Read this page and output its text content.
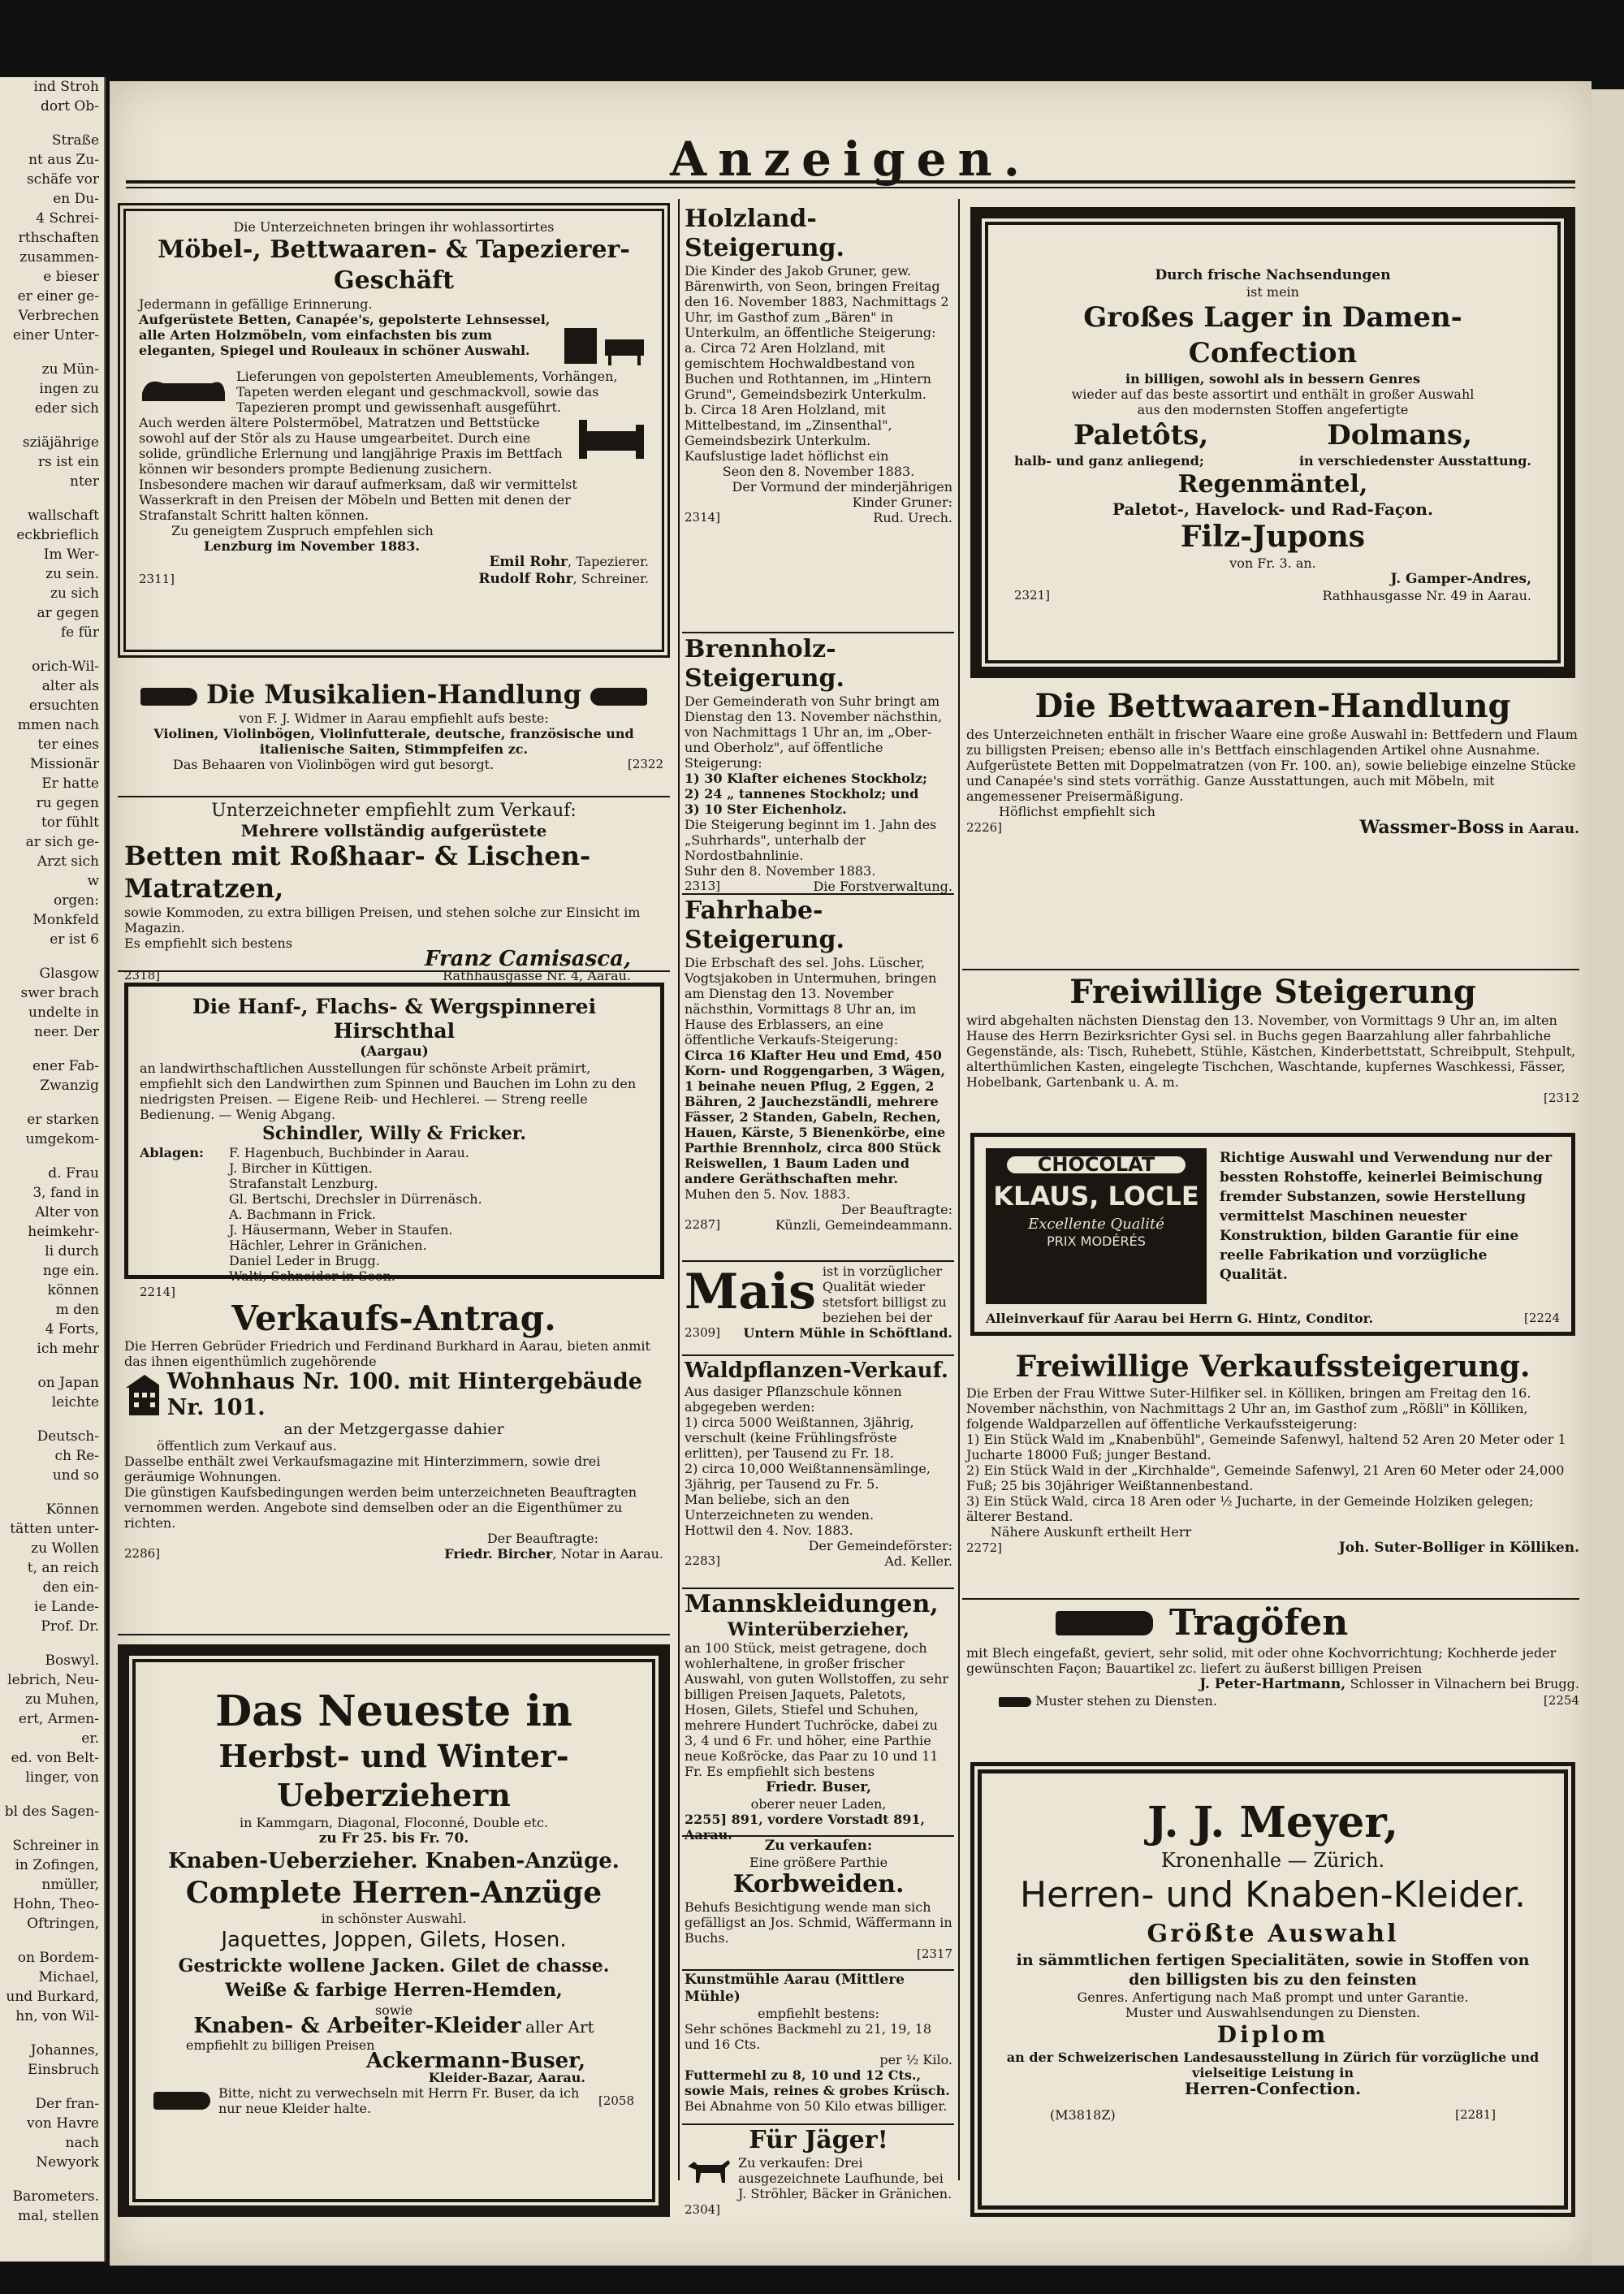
ind Stroh
dort Ob-
Straße
nt aus Zu-
schäfe vor
en Du-
4 Schrei-
rthschaften
zusammen-
e bieser
er einer ge-
Verbrechen
einer Unter-
zu Mün-
ingen zu
eder sich
sziäjährige
rs ist ein
nter
wallschaft
eckbrieflich
Im Wer-
zu sein.
zu sich
ar gegen
fe für
orich-Wil-
alter als
ersuchten
mmen nach
ter eines
Missionär
Er hatte
ru gegen
tor fühlt
ar sich ge-
Arzt sich
w
orgen:
Monkfeld
er ist 6
Glasgow
swer brach
undelte in
neer. Der
ener Fab-
Zwanzig
er starken
umgekom-
d. Frau
3, fand in
Alter von
heimkehr-
li durch
nge ein.
können
m den
4 Forts,
ich mehr
on Japan
leichte
Deutsch-
ch Re-
und so
Können
tätten unter-
zu Wollen
t, an reich
den ein-
ie Lande-
Prof. Dr.
Boswyl.
lebrich, Neu-
zu Muhen,
ert, Armen-
er.
ed. von Belt-
linger, von
bl des Sagen-
Schreiner in
in Zofingen,
nmüller,
Hohn, Theo-
Oftringen,
on Bordem-
Michael,
und Burkard,
hn, von Wil-
Johannes,
Einsbruch
Der fran-
von Havre
nach
Newyork
Barometers.
mal, stellen
Anzeigen.
Die Unterzeichneten bringen ihr wohlassortirtes
Möbel-, Bettwaaren- & Tapezierer-Geschäft
Jedermann in gefällige Erinnerung.
Aufgerüstete Betten, Canapée's, gepolsterte Lehnsessel, alle Arten Holzmöbeln, vom einfachsten bis zum eleganten, Spiegel und Rouleaux in schöner Auswahl.
Lieferungen von gepolsterten Ameublements, Vorhängen, Tapeten werden elegant und geschmackvoll, sowie das Tapezieren prompt und gewissenhaft ausgeführt.
Auch werden ältere Polstermöbel, Matratzen und Bettstücke sowohl auf der Stör als zu Hause umgearbeitet. Durch eine solide, gründliche Erlernung und langjährige Praxis im Bettfach können wir besonders prompte Bedienung zusichern.
Insbesondere machen wir darauf aufmerksam, daß wir vermittelst Wasserkraft in den Preisen der Möbeln und Betten mit denen der Strafanstalt Schritt halten können.
Zu geneigtem Zuspruch empfehlen sich
Lenzburg im November 1883.
Emil Rohr, Tapezierer.
2311]	Rudolf Rohr, Schreiner.
Die Musikalien-Handlung
von F. J. Widmer in Aarau empfiehlt aufs beste:
Violinen, Violinbögen, Violinfutterale, deutsche, französische und italienische Saiten, Stimmpfeifen zc.
Das Behaaren von Violinbögen wird gut besorgt.	[2322
Unterzeichneter empfiehlt zum Verkauf:
Mehrere vollständig aufgerüstete
Betten mit Roßhaar- & Lischen-Matratzen,
sowie Kommoden, zu extra billigen Preisen, und stehen solche zur Einsicht im Magazin.
Es empfiehlt sich bestens
Franz Camisasca,
2318]	Rathhausgasse Nr. 4, Aarau.
Die Hanf-, Flachs- & Wergspinnerei Hirschthal
(Aargau)
an landwirthschaftlichen Ausstellungen für schönste Arbeit prämirt, empfiehlt sich den Landwirthen zum Spinnen und Bauchen im Lohn zu den niedrigsten Preisen. — Eigene Reib- und Hechlerei. — Streng reelle Bedienung. — Wenig Abgang.
Schindler, Willy & Fricker.
Ablagen:	F. Hagenbuch, Buchbinder in Aarau.
J. Bircher in Küttigen.
Strafanstalt Lenzburg.
Gl. Bertschi, Drechsler in Dürrenäsch.
A. Bachmann in Frick.
J. Häusermann, Weber in Staufen.
Hächler, Lehrer in Gränichen.
Daniel Leder in Brugg.
Walti, Schneider in Seon.
2214]
Verkaufs-Antrag.
Die Herren Gebrüder Friedrich und Ferdinand Burkhard in Aarau, bieten anmit das ihnen eigenthümlich zugehörende
Wohnhaus Nr. 100. mit Hintergebäude Nr. 101.
an der Metzgergasse dahier
öffentlich zum Verkauf aus.
Dasselbe enthält zwei Verkaufsmagazine mit Hinterzimmern, sowie drei geräumige Wohnungen.
Die günstigen Kaufsbedingungen werden beim unterzeichneten Beauftragten vernommen werden. Angebote sind demselben oder an die Eigenthümer zu richten.
Der Beauftragte:
2286]	Friedr. Bircher, Notar in Aarau.
Das Neueste in
Herbst- und Winter-Ueberziehern
in Kammgarn, Diagonal, Floconné, Double etc.
zu Fr 25. bis Fr. 70.
Knaben-Ueberzieher. Knaben-Anzüge.
Complete Herren-Anzüge
in schönster Auswahl.
Jaquettes, Joppen, Gilets, Hosen.
Gestrickte wollene Jacken. Gilet de chasse.
Weiße & farbige Herren-Hemden,
sowie
Knaben- & Arbeiter-Kleider aller Art
empfiehlt zu billigen Preisen
Ackermann-Buser,
Kleider-Bazar, Aarau.
Bitte, nicht zu verwechseln mit Herrn Fr. Buser, da ich nur neue Kleider halte.
[2058
Holzland-Steigerung.
Die Kinder des Jakob Gruner, gew. Bärenwirth, von Seon, bringen Freitag den 16. November 1883, Nachmittags 2 Uhr, im Gasthof zum „Bären" in Unterkulm, an öffentliche Steigerung:
a. Circa 72 Aren Holzland, mit gemischtem Hochwaldbestand von Buchen und Rothtannen, im „Hintern Grund", Gemeindsbezirk Unterkulm.
b. Circa 18 Aren Holzland, mit Mittelbestand, im „Zinsenthal", Gemeindsbezirk Unterkulm.
Kaufslustige ladet höflichst ein
Seon den 8. November 1883.
Der Vormund der minderjährigen Kinder Gruner:
2314]	Rud. Urech.
Brennholz-Steigerung.
Der Gemeinderath von Suhr bringt am Dienstag den 13. November nächsthin, von Nachmittags 1 Uhr an, im „Ober- und Oberholz", auf öffentliche Steigerung:
1) 30 Klafter eichenes Stockholz;
2) 24 „ tannenes Stockholz; und
3) 10 Ster Eichenholz.
Die Steigerung beginnt im 1. Jahn des „Suhrhards", unterhalb der Nordostbahnlinie.
Suhr den 8. November 1883.
2313]	Die Forstverwaltung.
Fahrhabe-Steigerung.
Die Erbschaft des sel. Johs. Lüscher, Vogtsjakoben in Untermuhen, bringen am Dienstag den 13. November nächsthin, Vormittags 8 Uhr an, im Hause des Erblassers, an eine öffentliche Verkaufs-Steigerung:
Circa 16 Klafter Heu und Emd, 450 Korn- und Roggengarben, 3 Wägen, 1 beinahe neuen Pflug, 2 Eggen, 2 Bähren, 2 Jauchezständli, mehrere Fässer, 2 Standen, Gabeln, Rechen, Hauen, Kärste, 5 Bienenkörbe, eine Parthie Brennholz, circa 800 Stück Reiswellen, 1 Baum Laden und andere Geräthschaften mehr.
Muhen den 5. Nov. 1883.
Der Beauftragte:
2287]	Künzli, Gemeindeammann.
Mais ist in vorzüglicher Qualität wieder stetsfort billigst zu beziehen bei der
2309] Untern Mühle in Schöftland.
Waldpflanzen-Verkauf.
Aus dasiger Pflanzschule können abgegeben werden:
1) circa 5000 Weißtannen, 3jährig, verschult (keine Frühlingsfröste erlitten), per Tausend zu Fr. 18.
2) circa 10,000 Weißtannensämlinge, 3jährig, per Tausend zu Fr. 5.
Man beliebe, sich an den Unterzeichneten zu wenden.
Hottwil den 4. Nov. 1883.
Der Gemeindeförster:
2283]	Ad. Keller.
Mannskleidungen,
Winterüberzieher,
an 100 Stück, meist getragene, doch wohlerhaltene, in großer frischer Auswahl, von guten Wollstoffen, zu sehr billigen Preisen Jaquets, Paletots, Hosen, Gilets, Stiefel und Schuhen, mehrere Hundert Tuchröcke, dabei zu 3, 4 und 6 Fr. und höher, eine Parthie neue Koßröcke, das Paar zu 10 und 11 Fr. Es empfiehlt sich bestens
Friedr. Buser,
oberer neuer Laden,
2255] 891, vordere Vorstadt 891, Aarau.
Zu verkaufen:
Eine größere Parthie
Korbweiden.
Behufs Besichtigung wende man sich gefälligst an Jos. Schmid, Wäffermann in Buchs.
[2317
Kunstmühle Aarau (Mittlere Mühle)
empfiehlt bestens:
Sehr schönes Backmehl zu 21, 19, 18 und 16 Cts.
per ½ Kilo.
Futtermehl zu 8, 10 und 12 Cts., sowie Mais, reines & grobes Krüsch.
Bei Abnahme von 50 Kilo etwas billiger.
Für Jäger!
Zu verkaufen: Drei ausgezeichnete Laufhunde, bei J. Ströhler, Bäcker in Gränichen.
2304]
Durch frische Nachsendungen
ist mein
Großes Lager in Damen-Confection
in billigen, sowohl als in bessern Genres
wieder auf das beste assortirt und enthält in großer Auswahl
aus den modernsten Stoffen angefertigte
Paletôts,	Dolmans,
halb- und ganz anliegend;	in verschiedenster Ausstattung.
Regenmäntel,
Paletot-, Havelock- und Rad-Façon.
Filz-Jupons
von Fr. 3. an.
J. Gamper-Andres,
2321]	Rathhausgasse Nr. 49 in Aarau.
Die Bettwaaren-Handlung
des Unterzeichneten enthält in frischer Waare eine große Auswahl in: Bettfedern und Flaum zu billigsten Preisen; ebenso alle in's Bettfach einschlagenden Artikel ohne Ausnahme. Aufgerüstete Betten mit Doppelmatratzen (von Fr. 100. an), sowie beliebige einzelne Stücke und Canapée's sind stets vorräthig. Ganze Ausstattungen, auch mit Möbeln, mit angemessener Preisermäßigung.
Höflichst empfiehlt sich
2226]	Wassmer-Boss in Aarau.
Freiwillige Steigerung
wird abgehalten nächsten Dienstag den 13. November, von Vormittags 9 Uhr an, im alten Hause des Herrn Bezirksrichter Gysi sel. in Buchs gegen Baarzahlung aller fahrbahliche Gegenstände, als: Tisch, Ruhebett, Stühle, Kästchen, Kinderbettstatt, Schreibpult, Stehpult, alterthümlichen Kasten, eingelegte Tischchen, Waschtande, kupfernes Waschkessi, Fässer, Hobelbank, Gartenbank u. A. m.
[2312
CHOCOLAT
KLAUS, LOCLE
Excellente Qualité
PRIX MODÉRÉS
Richtige Auswahl und Verwendung nur der bessten Rohstoffe, keinerlei Beimischung fremder Substanzen, sowie Herstellung vermittelst Maschinen neuester Konstruktion, bilden Garantie für eine reelle Fabrikation und vorzügliche Qualität.
Alleinverkauf für Aarau bei Herrn G. Hintz, Conditor.	[2224
Freiwillige Verkaufssteigerung.
Die Erben der Frau Wittwe Suter-Hilfiker sel. in Kölliken, bringen am Freitag den 16. November nächsthin, von Nachmittags 2 Uhr an, im Gasthof zum „Rößli" in Kölliken, folgende Waldparzellen auf öffentliche Verkaufssteigerung:
1) Ein Stück Wald im „Knabenbühl", Gemeinde Safenwyl, haltend 52 Aren 20 Meter oder 1 Jucharte 18000 Fuß; junger Bestand.
2) Ein Stück Wald in der „Kirchhalde", Gemeinde Safenwyl, 21 Aren 60 Meter oder 24,000 Fuß; 25 bis 30jähriger Weißtannenbestand.
3) Ein Stück Wald, circa 18 Aren oder ½ Jucharte, in der Gemeinde Holziken gelegen; älterer Bestand.
Nähere Auskunft ertheilt Herr
2272]	Joh. Suter-Bolliger in Kölliken.
Tragöfen
mit Blech eingefaßt, geviert, sehr solid, mit oder ohne Kochvorrichtung; Kochherde jeder gewünschten Façon; Bauartikel zc. liefert zu äußerst billigen Preisen
J. Peter-Hartmann, Schlosser in Vilnachern bei Brugg.
Muster stehen zu Diensten.	[2254
J. J. Meyer,
Kronenhalle — Zürich.
Herren- und Knaben-Kleider.
Größte Auswahl
in sämmtlichen fertigen Specialitäten, sowie in Stoffen von den billigsten bis zu den feinsten
Genres. Anfertigung nach Maß prompt und unter Garantie.
Muster und Auswahlsendungen zu Diensten.
Diplom
an der Schweizerischen Landesausstellung in Zürich für vorzügliche und vielseitige Leistung in
Herren-Confection.
(M3818Z)	[2281]
